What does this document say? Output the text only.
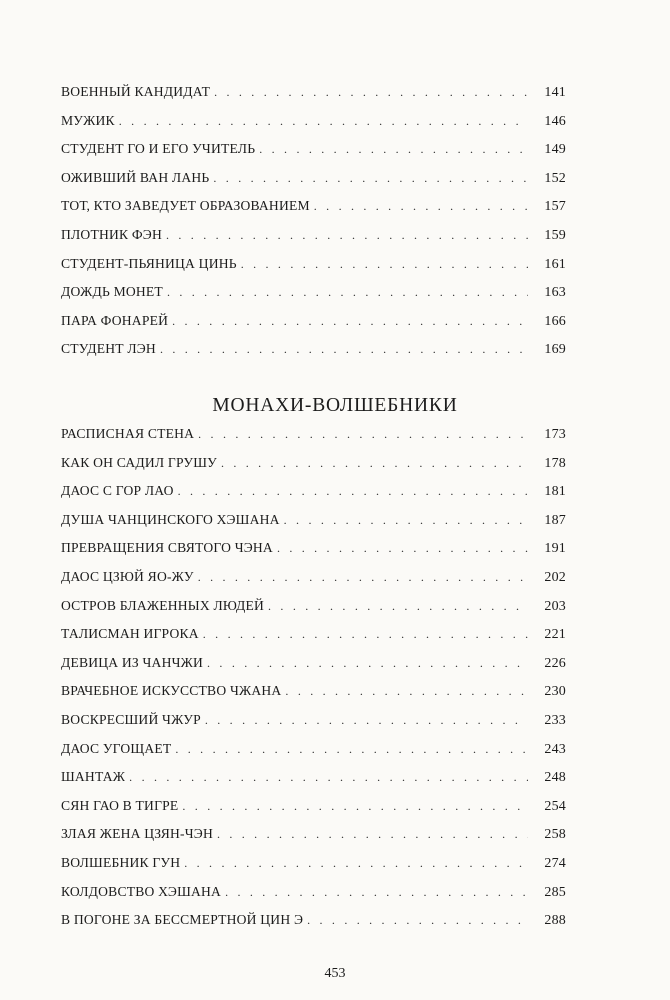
ВОЕННЫЙ КАНДИДАТ . . .	141
МУЖИК . . .	146
СТУДЕНТ ГО И ЕГО УЧИТЕЛЬ . . .	149
ОЖИВШИЙ ВАН ЛАНЬ . . .	152
ТОТ, КТО ЗАВЕДУЕТ ОБРАЗОВАНИЕМ . . .	157
ПЛОТНИК ФЭН . . .	159
СТУДЕНТ-ПЬЯНИЦА ЦИНЬ . . .	161
ДОЖДЬ МОНЕТ . . .	163
ПАРА ФОНАРЕЙ . . .	166
СТУДЕНТ ЛЭН . . .	169
МОНАХИ-ВОЛШЕБНИКИ
РАСПИСНАЯ СТЕНА . . .	173
КАК ОН САДИЛ ГРУШУ . . .	178
ДАОС С ГОР ЛАО . . .	181
ДУША ЧАНЦИНСКОГО ХЭШАНА . . .	187
ПРЕВРАЩЕНИЯ СВЯТОГО ЧЭНА . . .	191
ДАОС ЦЗЮЙ ЯО-ЖУ . . .	202
ОСТРОВ БЛАЖЕННЫХ ЛЮДЕЙ . . .	203
ТАЛИСМАН ИГРОКА . . .	221
ДЕВИЦА ИЗ ЧАНЧЖИ . . .	226
ВРАЧЕБНОЕ ИСКУССТВО ЧЖАНА . . .	230
ВОСКРЕСШИЙ ЧЖУР . . .	233
ДАОС УГОЩАЕТ . . .	243
ШАНТАЖ . . .	248
СЯН ГАО В ТИГРЕ . . .	254
ЗЛАЯ ЖЕНА ЦЗЯН-ЧЭН . . .	258
ВОЛШЕБНИК ГУН . . .	274
КОЛДОВСТВО ХЭШАНА . . .	285
В ПОГОНЕ ЗА БЕССМЕРТНОЙ ЦИН Э . . .	288
453
